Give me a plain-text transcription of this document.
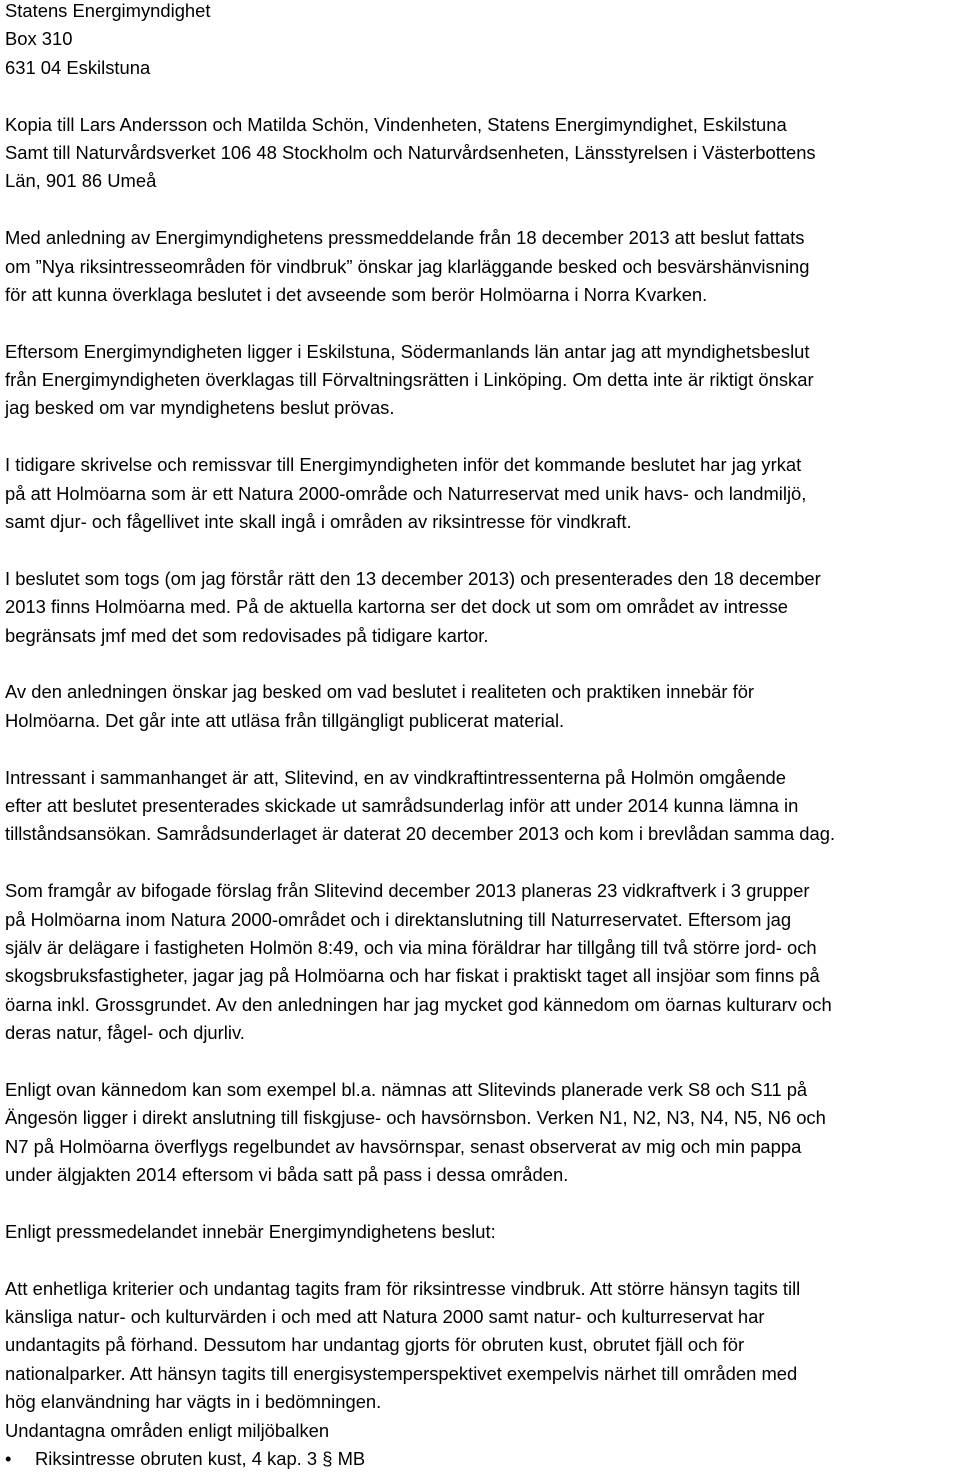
Statens Energimyndighet
Box 310
631 04 Eskilstuna
Kopia till Lars Andersson och Matilda Schön, Vindenheten, Statens Energimyndighet, Eskilstuna
Samt till Naturvårdsverket 106 48 Stockholm och Naturvårdsenheten, Länsstyrelsen i Västerbottens
Län, 901 86 Umeå
Med anledning av Energimyndighetens pressmeddelande från 18 december 2013 att beslut fattats
om ”Nya riksintresseområden för vindbruk” önskar jag klarläggande besked och besvärshänvisning
för att kunna överklaga beslutet i det avseende som berör Holmöarna i Norra Kvarken.
Eftersom Energimyndigheten ligger i Eskilstuna, Södermanlands län antar jag att myndighetsbeslut
från Energimyndigheten överklagas till Förvaltningsrätten i Linköping. Om detta inte är riktigt önskar
jag besked om var myndighetens beslut prövas.
I tidigare skrivelse och remissvar till Energimyndigheten inför det kommande beslutet har jag yrkat
på att Holmöarna som är ett Natura 2000-område och Naturreservat med unik havs- och landmiljö,
samt djur- och fågellivet inte skall ingå i områden av riksintresse för vindkraft.
I beslutet som togs (om jag förstår rätt den 13 december 2013) och presenterades den 18 december
2013 finns Holmöarna med. På de aktuella kartorna ser det dock ut som om området av intresse
begränsats jmf med det som redovisades på tidigare kartor.
Av den anledningen önskar jag besked om vad beslutet i realiteten och praktiken innebär för
Holmöarna. Det går inte att utläsa från tillgängligt publicerat material.
Intressant i sammanhanget är att, Slitevind, en av vindkraftintressenterna på Holmön omgående
efter att beslutet presenterades skickade ut samrådsunderlag inför att under 2014 kunna lämna in
tillståndsansökan. Samrådsunderlaget är daterat 20 december 2013 och kom i brevlådan samma dag.
Som framgår av bifogade förslag från Slitevind december 2013 planeras 23 vidkraftverk i 3 grupper
på Holmöarna inom Natura 2000-området och i direktanslutning till Naturreservatet. Eftersom jag
själv är delägare i fastigheten Holmön 8:49, och via mina föräldrar har tillgång till två större jord- och
skogsbruksfastigheter, jagar jag på Holmöarna och har fiskat i praktiskt taget all insjöar som finns på
öarna inkl. Grossgrundet. Av den anledningen har jag mycket god kännedom om öarnas kulturarv och
deras natur, fågel- och djurliv.
Enligt ovan kännedom kan som exempel bl.a. nämnas att Slitevinds planerade verk S8 och S11 på
Ängesön ligger i direkt anslutning till fiskgjuse- och havsörnsbon. Verken N1, N2, N3, N4, N5, N6 och
N7 på Holmöarna överflygs regelbundet av havsörnspar, senast observerat av mig och min pappa
under älgjakten 2014 eftersom vi båda satt på pass i dessa områden.
Enligt pressmedelandet innebär Energimyndighetens beslut:
Att enhetliga kriterier och undantag tagits fram för riksintresse vindbruk. Att större hänsyn tagits till
känsliga natur- och kulturvärden i och med att Natura 2000 samt natur- och kulturreservat har
undantagits på förhand. Dessutom har undantag gjorts för obruten kust, obrutet fjäll och för
nationalparker. Att hänsyn tagits till energisystemperspektivet exempelvis närhet till områden med
hög elanvändning har vägts in i bedömningen.
Undantagna områden enligt miljöbalken
•	Riksintresse obruten kust, 4 kap. 3 § MB
